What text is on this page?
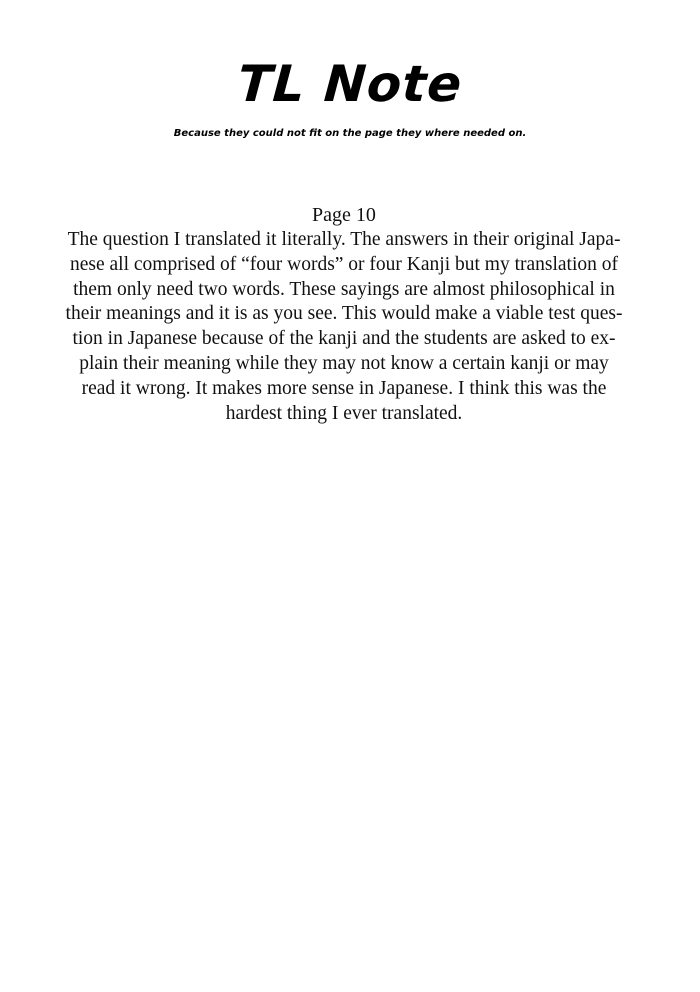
TL Note
Because they could not fit on the page they where needed on.
Page 10
The question I translated it literally. The answers in their original Japa-
nese all comprised of “four words” or four Kanji but my translation of
them only need two words. These sayings are almost philosophical in
their meanings and it is as you see. This would make a viable test ques-
tion in Japanese because of the kanji and the students are asked to ex-
plain their meaning while they may not know a certain kanji or may
read it wrong. It makes more sense in Japanese. I think this was the
hardest thing I ever translated.
